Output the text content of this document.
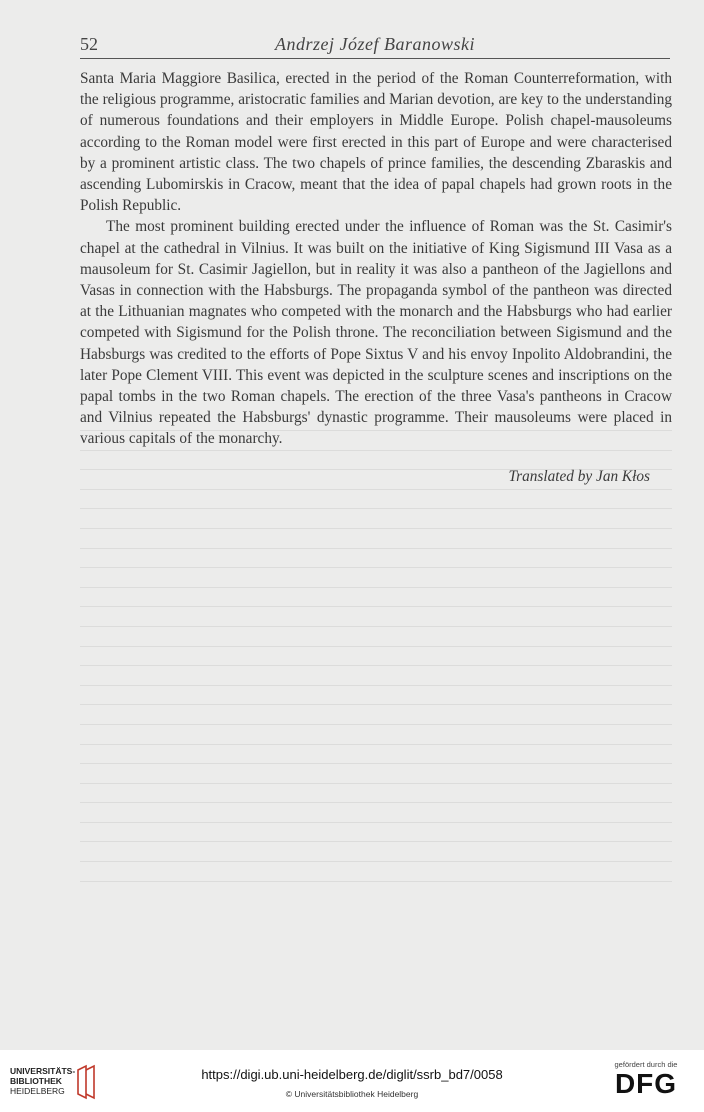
52	Andrzej Józef Baranowski

Santa Maria Maggiore Basilica, erected in the period of the Roman Counterreformation, with the religious programme, aristocratic families and Marian devotion, are key to the understanding of numerous foundations and their employers in Middle Europe. Polish chapel-mausoleums according to the Roman model were first erected in this part of Europe and were characterised by a prominent artistic class. The two chapels of prince families, the descending Zbaraskis and ascending Lubomirskis in Cracow, meant that the idea of papal chapels had grown roots in the Polish Republic.

The most prominent building erected under the influence of Roman was the St. Casimir's chapel at the cathedral in Vilnius. It was built on the initiative of King Sigismund III Vasa as a mausoleum for St. Casimir Jagiellon, but in reality it was also a pantheon of the Jagiellons and Vasas in connection with the Habsburgs. The propaganda symbol of the pantheon was directed at the Lithuanian magnates who competed with the monarch and the Habsburgs who had earlier competed with Sigismund for the Polish throne. The reconciliation between Sigismund and the Habsburgs was credited to the efforts of Pope Sixtus V and his envoy Inpolito Aldobrandini, the later Pope Clement VIII. This event was depicted in the sculpture scenes and inscriptions on the papal tombs in the two Roman chapels. The erection of the three Vasa's pantheons in Cracow and Vilnius repeated the Habsburgs' dynastic programme. Their mausoleums were placed in various capitals of the monarchy.

Translated by Jan Kłos
UNIVERSITÄTS-
BIBLIOTHEK
HEIDELBERG
https://digi.ub.uni-heidelberg.de/diglit/ssrb_bd7/0058
© Universitätsbibliothek Heidelberg
gefördert durch die
DFG
